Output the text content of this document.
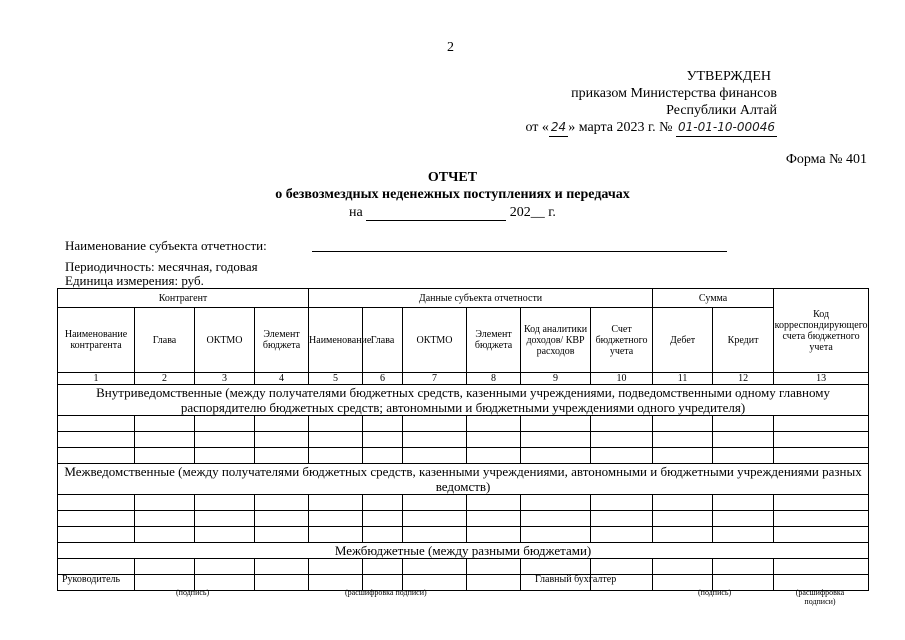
2
УТВЕРЖДЕН
приказом Министерства финансов
Республики Алтай
от « 24 » марта 2023 г. № 01-01-10-00046
Форма № 401
ОТЧЕТ
о безвозмездных неденежных поступлениях и передачах
на	202__ г.
Наименование субъекта отчетности:
Периодичность: месячная, годовая
Единица измерения: руб.
Контрагент				Данные субъекта отчетности						Сумма		Код корреспондирующего счета бюджетного учета
Наименование контрагента	Глава	ОКТМО	Элемент бюджета	Наименование	Глава	ОКТМО	Элемент бюджета	Код аналитики доходов/ КВР расходов	Счет бюджетного учета	Дебет	Кредит	
1	2	3	4	5	6	7	8	9	10	11	12	13
Внутриведомственные (между получателями бюджетных средств, казенными учреждениями, подведомственными одному главному распорядителю бюджетных средств; автономными и бюджетными учреждениями одного учредителя)												

Межведомственные (между получателями бюджетных средств, казенными учреждениями, автономными и бюджетными учреждениями разных ведомств)												

Межбюджетные (между разными бюджетами)												

Руководитель
(подпись)	(расшифровка подписи)
Главный бухгалтер
(подпись)	(расшифровка подписи)
